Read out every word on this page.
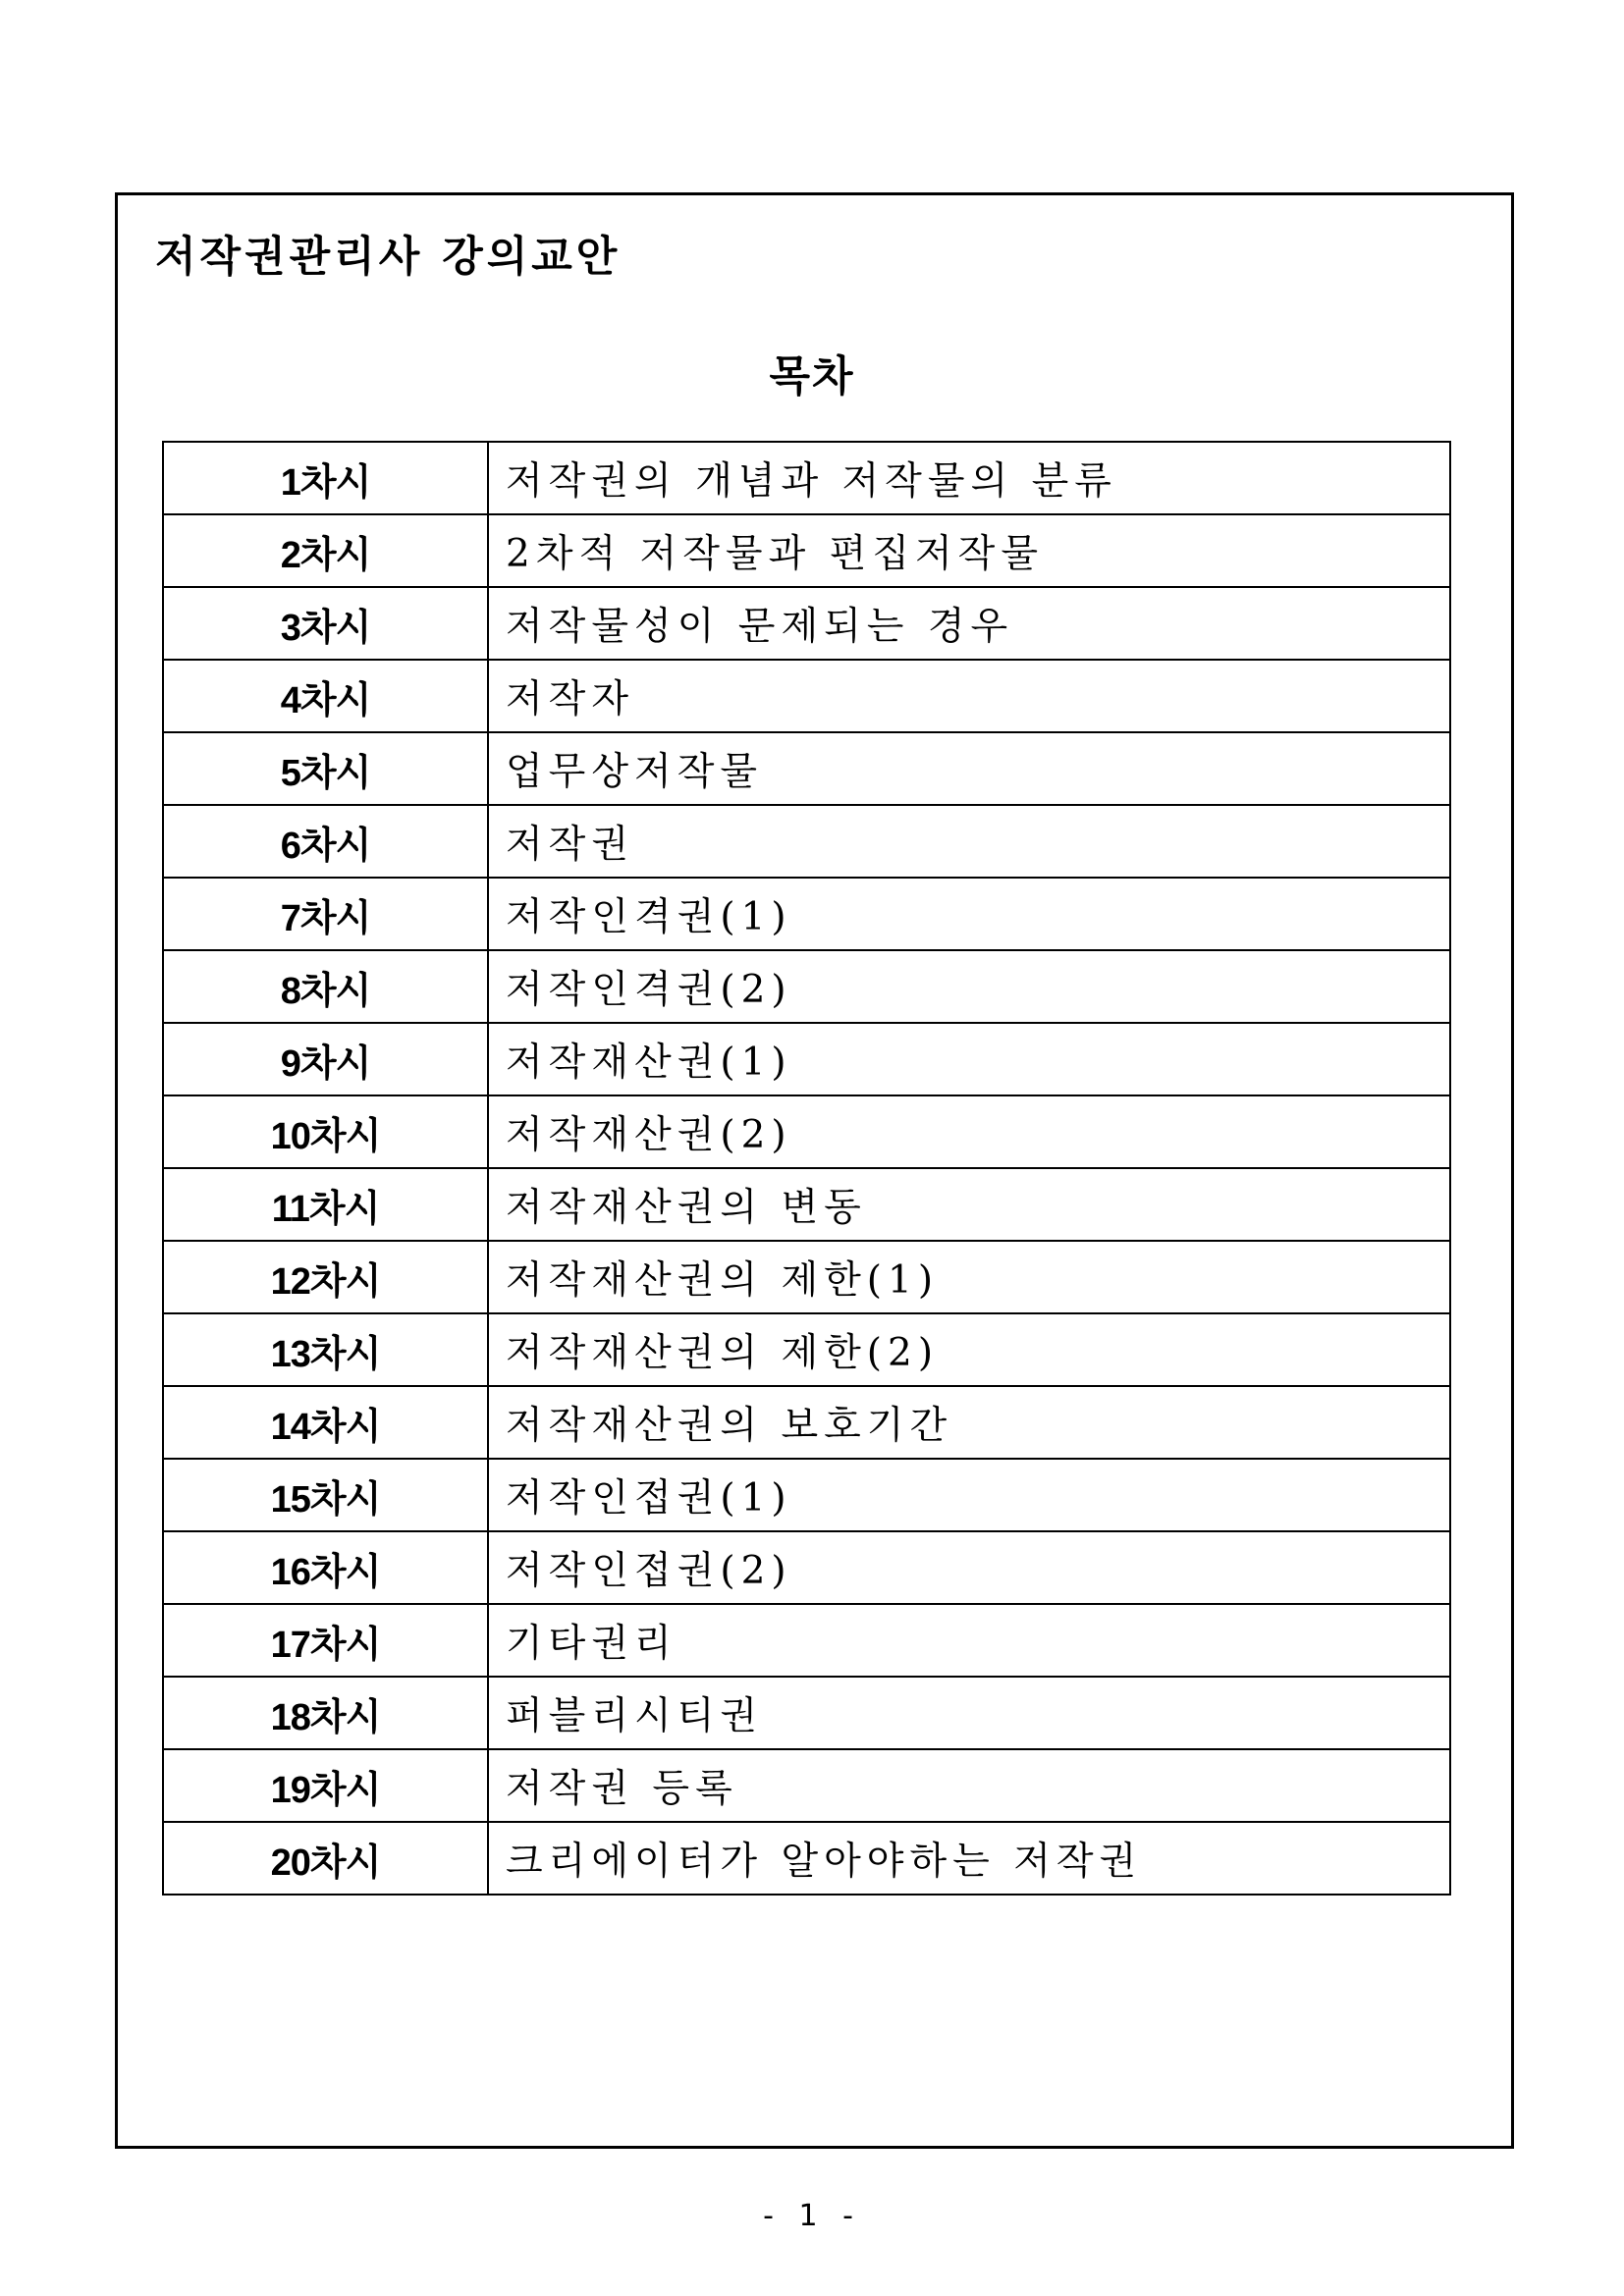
저작권관리사 강의교안
목차
1차시	저작권의 개념과 저작물의 분류
2차시	2차적 저작물과 편집저작물
3차시	저작물성이 문제되는 경우
4차시	저작자
5차시	업무상저작물
6차시	저작권
7차시	저작인격권(1)
8차시	저작인격권(2)
9차시	저작재산권(1)
10차시	저작재산권(2)
11차시	저작재산권의 변동
12차시	저작재산권의 제한(1)
13차시	저작재산권의 제한(2)
14차시	저작재산권의 보호기간
15차시	저작인접권(1)
16차시	저작인접권(2)
17차시	기타권리
18차시	퍼블리시티권
19차시	저작권 등록
20차시	크리에이터가 알아야하는 저작권
- 1 -
